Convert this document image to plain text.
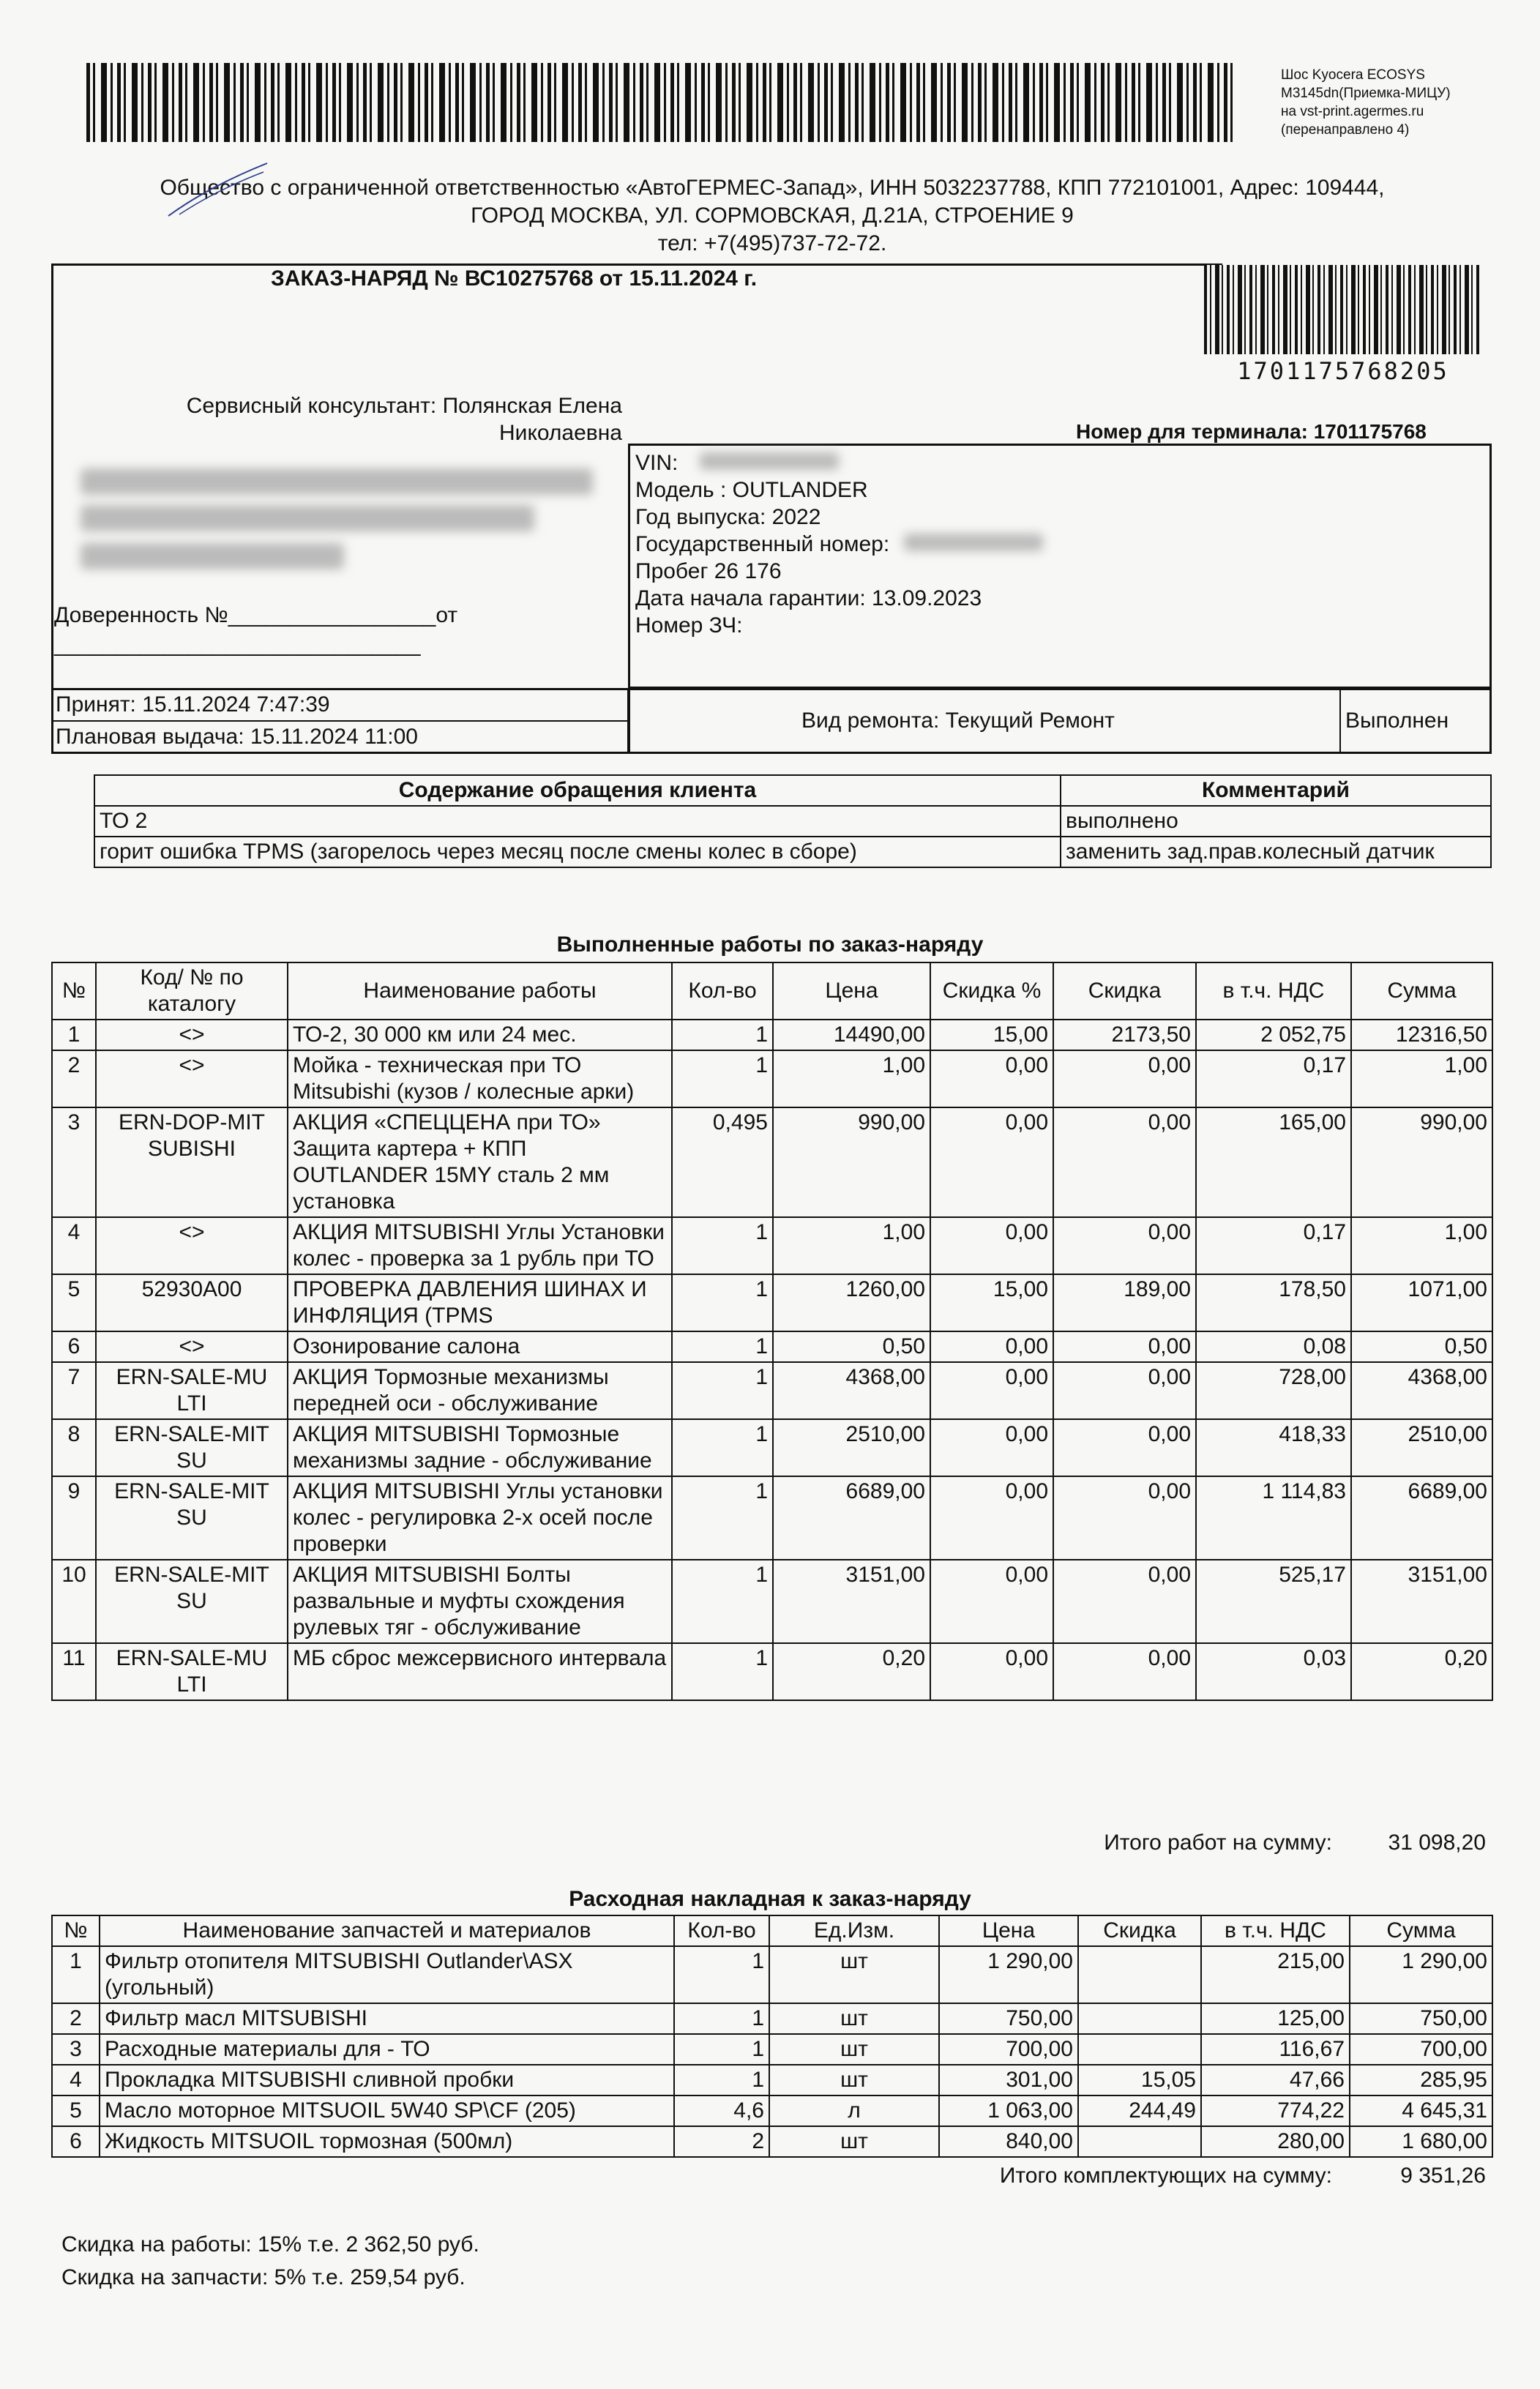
Шос Kyocera ECOSYS
M3145dn(Приемка-МИЦУ)
на vst-print.agermes.ru
(перенаправлено 4)
Общество с ограниченной ответственностью «АвтоГЕРМЕС-Запад», ИНН 5032237788, КПП 772101001, Адрес: 109444,
ГОРОД МОСКВА, УЛ. СОРМОВСКАЯ, Д.21А, СТРОЕНИЕ 9
тел: +7(495)737-72-72.
ЗАКАЗ-НАРЯД № ВС10275768 от 15.11.2024 г.
1701175768205
Сервисный консультант: Полянская Елена Николаевна	Номер для терминала: 1701175768
VIN:
Модель : OUTLANDER
Год выпуска: 2022
Государственный номер:
Пробег 26 176
Дата начала гарантии: 13.09.2023
Номер ЗЧ:
Доверенность №_________________от
______________________________
Принят: 15.11.2024 7:47:39
Плановая выдача: 15.11.2024 11:00
Вид ремонта: Текущий Ремонт	Выполнен
Содержание обращения клиента	Комментарий
ТО 2	выполнено
горит ошибка TPMS (загорелось через месяц после смены колес в сборе)	заменить зад.прав.колесный датчик
Выполненные работы по заказ-наряду
№	Код/ № по каталогу	Наименование работы	Кол-во	Цена	Скидка %	Скидка	в т.ч. НДС	Сумма
1	<>	ТО-2, 30 000 км или 24 мес.	1	14490,00	15,00	2173,50	2 052,75	12316,50
2	<>	Мойка - техническая при ТО Mitsubishi (кузов / колесные арки)	1	1,00	0,00	0,00	0,17	1,00
3	ERN-DOP-MIT SUBISHI	АКЦИЯ «СПЕЦЦЕНА при ТО» Защита картера + КПП OUTLANDER 15MY сталь 2 мм установка	0,495	990,00	0,00	0,00	165,00	990,00
4	<>	АКЦИЯ MITSUBISHI Углы Установки колес - проверка за 1 рубль при ТО	1	1,00	0,00	0,00	0,17	1,00
5	52930A00	ПРОВЕРКА ДАВЛЕНИЯ ШИНАХ И ИНФЛЯЦИЯ (TPMS	1	1260,00	15,00	189,00	178,50	1071,00
6	<>	Озонирование салона	1	0,50	0,00	0,00	0,08	0,50
7	ERN-SALE-MU LTI	АКЦИЯ Тормозные механизмы передней оси - обслуживание	1	4368,00	0,00	0,00	728,00	4368,00
8	ERN-SALE-MIT SU	АКЦИЯ MITSUBISHI Тормозные механизмы задние - обслуживание	1	2510,00	0,00	0,00	418,33	2510,00
9	ERN-SALE-MIT SU	АКЦИЯ MITSUBISHI Углы установки колес - регулировка 2-х осей после проверки	1	6689,00	0,00	0,00	1 114,83	6689,00
10	ERN-SALE-MIT SU	АКЦИЯ MITSUBISHI Болты развальные и муфты схождения рулевых тяг - обслуживание	1	3151,00	0,00	0,00	525,17	3151,00
11	ERN-SALE-MU LTI	МБ сброс межсервисного интервала	1	0,20	0,00	0,00	0,03	0,20
Итого работ на сумму:	31 098,20
Расходная накладная к заказ-наряду
№	Наименование запчастей и материалов	Кол-во	Ед.Изм.	Цена	Скидка	в т.ч. НДС	Сумма
1	Фильтр отопителя MITSUBISHI Outlander\ASX (угольный)	1	шт	1 290,00		215,00	1 290,00
2	Фильтр масл MITSUBISHI	1	шт	750,00		125,00	750,00
3	Расходные материалы для - ТО	1	шт	700,00		116,67	700,00
4	Прокладка MITSUBISHI сливной пробки	1	шт	301,00	15,05	47,66	285,95
5	Масло моторное MITSUOIL 5W40 SP\CF (205)	4,6	л	1 063,00	244,49	774,22	4 645,31
6	Жидкость MITSUOIL тормозная (500мл)	2	шт	840,00		280,00	1 680,00
Итого комплектующих на сумму:	9 351,26
Скидка на работы: 15% т.е. 2 362,50 руб.
Скидка на запчасти: 5% т.е. 259,54 руб.
